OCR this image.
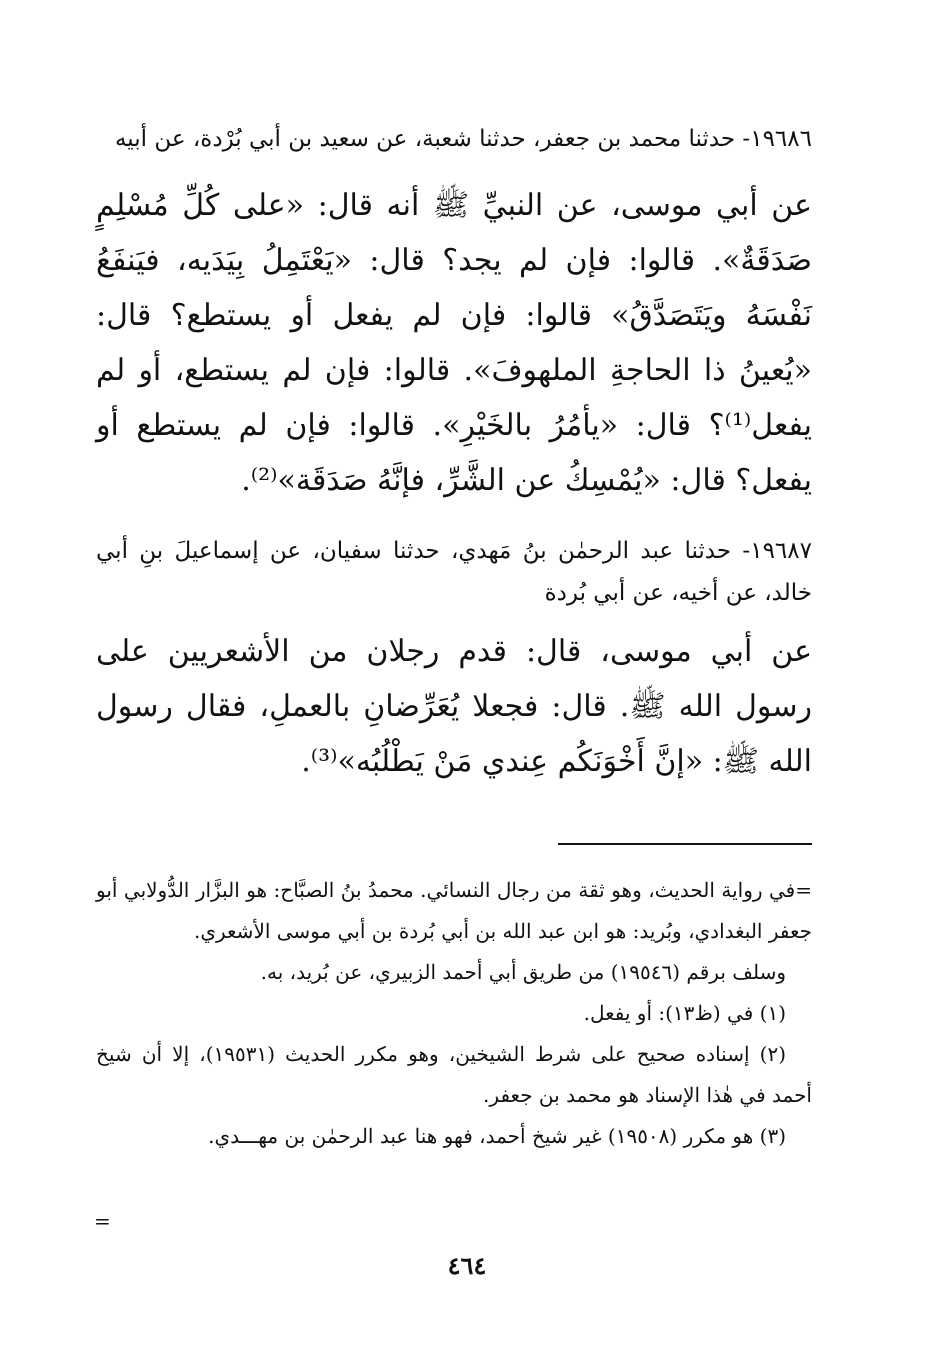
١٩٦٨٦- حدثنا محمد بن جعفر، حدثنا شعبة، عن سعيد بن أبي بُرْدة، عن أبيه

عن أبي موسى، عن النبيِّ ﷺ أنه قال: «على كُلِّ مُسْلِمٍ صَدَقَةٌ». قالوا: فإن لم يجد؟ قال: «يَعْتَمِلُ بِيَدَيه، فيَنفَعُ نَفْسَهُ ويَتَصَدَّقُ» قالوا: فإن لم يفعل أو يستطع؟ قال: «يُعينُ ذا الحاجةِ الملهوفَ». قالوا: فإن لم يستطع، أو لم يفعل⁽¹⁾؟ قال: «يأمُرُ بالخَيْرِ». قالوا: فإن لم يستطع أو يفعل؟ قال: «يُمْسِكُ عن الشَّرِّ، فإنَّهُ صَدَقَة»⁽²⁾.

١٩٦٨٧- حدثنا عبد الرحمٰن بنُ مَهدي، حدثنا سفيان، عن إسماعيلَ بنِ أبي خالد، عن أخيه، عن أبي بُردة

عن أبي موسى، قال: قدم رجلان من الأشعريين على رسول الله ﷺ. قال: فجعلا يُعَرِّضانِ بالعملِ، فقال رسول الله ﷺ: «إنَّ أَخْوَنَكُم عِندي مَنْ يَطْلُبُه»⁽³⁾.

=في رواية الحديث، وهو ثقة من رجال النسائي. محمدُ بنُ الصبَّاح: هو البزَّار الدُّولابي أبو جعفر البغدادي، وبُريد: هو ابن عبد الله بن أبي بُردة بن أبي موسى الأشعري.

وسلف برقم (١٩٥٤٦) من طريق أبي أحمد الزبيري، عن بُريد، به.

(١) في (ظ١٣): أو يفعل.

(٢) إسناده صحيح على شرط الشيخين، وهو مكرر الحديث (١٩٥٣١)، إلا أن شيخ أحمد في هٰذا الإسناد هو محمد بن جعفر.

(٣) هو مكرر (١٩٥٠٨) غير شيخ أحمد، فهو هنا عبد الرحمٰن بن مهـــدي.

=
٤٦٤
